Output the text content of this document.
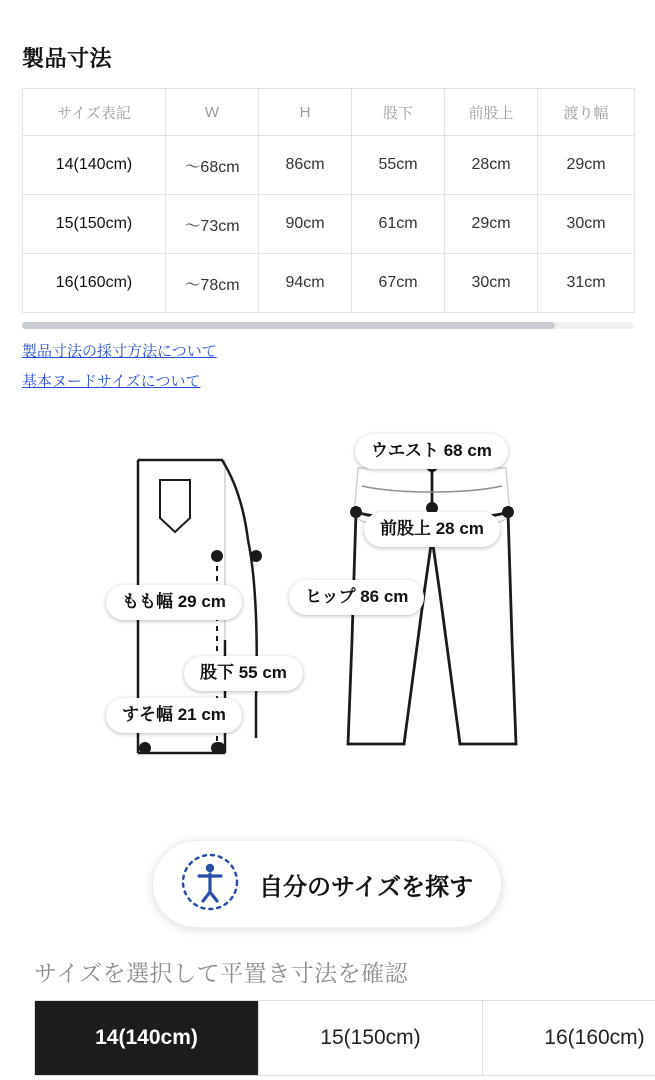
製品寸法
サイズ表記	W	H	股下	前股上	渡り幅
14(140cm)	〜68cm	86cm	55cm	28cm	29cm
15(150cm)	〜73cm	90cm	61cm	29cm	30cm
16(160cm)	〜78cm	94cm	67cm	30cm	31cm
製品寸法の採寸方法について
基本ヌードサイズについて
ウエスト 68 cm
前股上 28 cm
ヒップ 86 cm
もも幅 29 cm
股下 55 cm
すそ幅 21 cm
自分のサイズを探す
サイズを選択して平置き寸法を確認
14(140cm)	15(150cm)	16(160cm)
